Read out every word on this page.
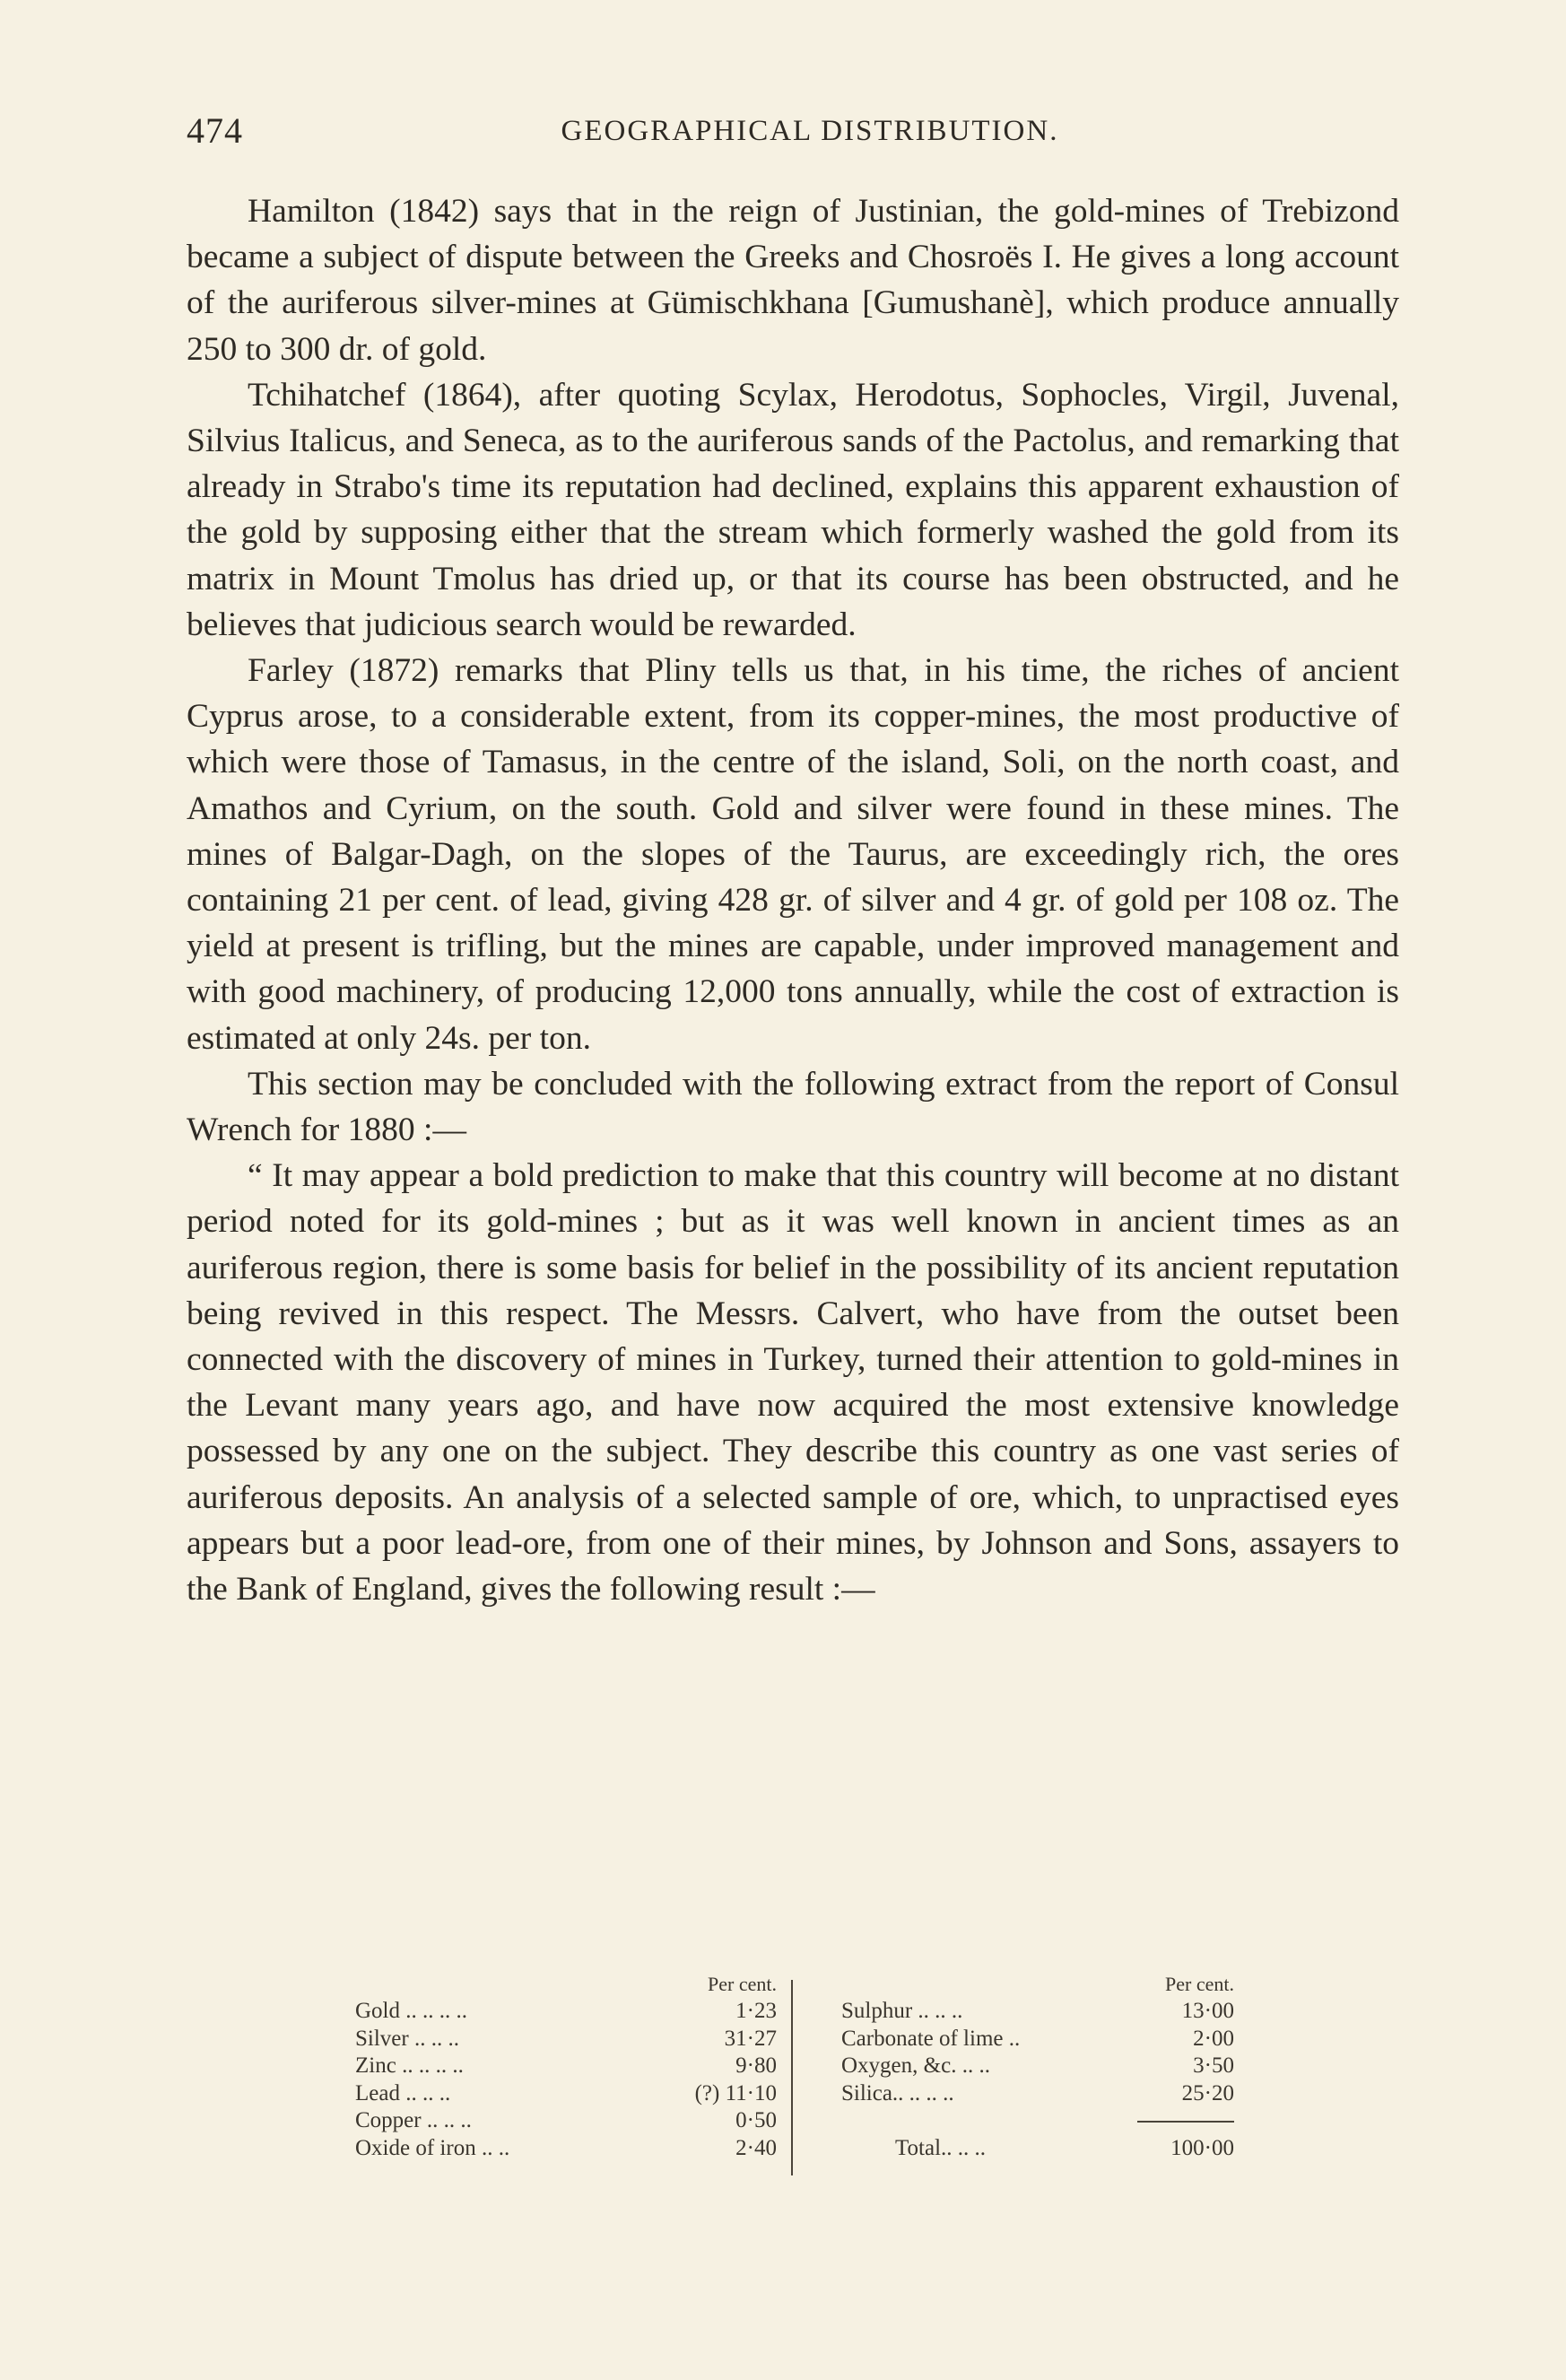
474	GEOGRAPHICAL DISTRIBUTION.

Hamilton (1842) says that in the reign of Justinian, the gold-mines of Trebizond became a subject of dispute between the Greeks and Chosroës I. He gives a long account of the auriferous silver-mines at Gümischkhana [Gumushanè], which produce annually 250 to 300 dr. of gold.

Tchihatchef (1864), after quoting Scylax, Herodotus, Sophocles, Virgil, Juvenal, Silvius Italicus, and Seneca, as to the auriferous sands of the Pactolus, and remarking that already in Strabo's time its reputation had declined, explains this apparent exhaustion of the gold by supposing either that the stream which formerly washed the gold from its matrix in Mount Tmolus has dried up, or that its course has been obstructed, and he believes that judicious search would be rewarded.

Farley (1872) remarks that Pliny tells us that, in his time, the riches of ancient Cyprus arose, to a considerable extent, from its copper-mines, the most productive of which were those of Tamasus, in the centre of the island, Soli, on the north coast, and Amathos and Cyrium, on the south. Gold and silver were found in these mines. The mines of Balgar-Dagh, on the slopes of the Taurus, are exceedingly rich, the ores containing 21 per cent. of lead, giving 428 gr. of silver and 4 gr. of gold per 108 oz. The yield at present is trifling, but the mines are capable, under improved management and with good machinery, of producing 12,000 tons annually, while the cost of extraction is estimated at only 24s. per ton.

This section may be concluded with the following extract from the report of Consul Wrench for 1880 :—

“ It may appear a bold prediction to make that this country will become at no distant period noted for its gold-mines ; but as it was well known in ancient times as an auriferous region, there is some basis for belief in the possibility of its ancient reputation being revived in this respect. The Messrs. Calvert, who have from the outset been connected with the discovery of mines in Turkey, turned their attention to gold-mines in the Levant many years ago, and have now acquired the most extensive knowledge possessed by any one on the subject. They describe this country as one vast series of auriferous deposits. An analysis of a selected sample of ore, which, to unpractised eyes appears but a poor lead-ore, from one of their mines, by Johnson and Sons, assayers to the Bank of England, gives the following result :—

Per cent.
Gold .. .. .. ..	1·23
Silver .. .. ..	31·27
Zinc .. .. .. ..	9·80
Lead .. .. ..	(?) 11·10
Copper .. .. ..	0·50
Oxide of iron .. ..	2·40
Per cent.
Sulphur .. .. ..	13·00
Carbonate of lime ..	2·00
Oxygen, &c. .. ..	3·50
Silica.. .. .. ..	25·20
Total.. .. ..	100·00
